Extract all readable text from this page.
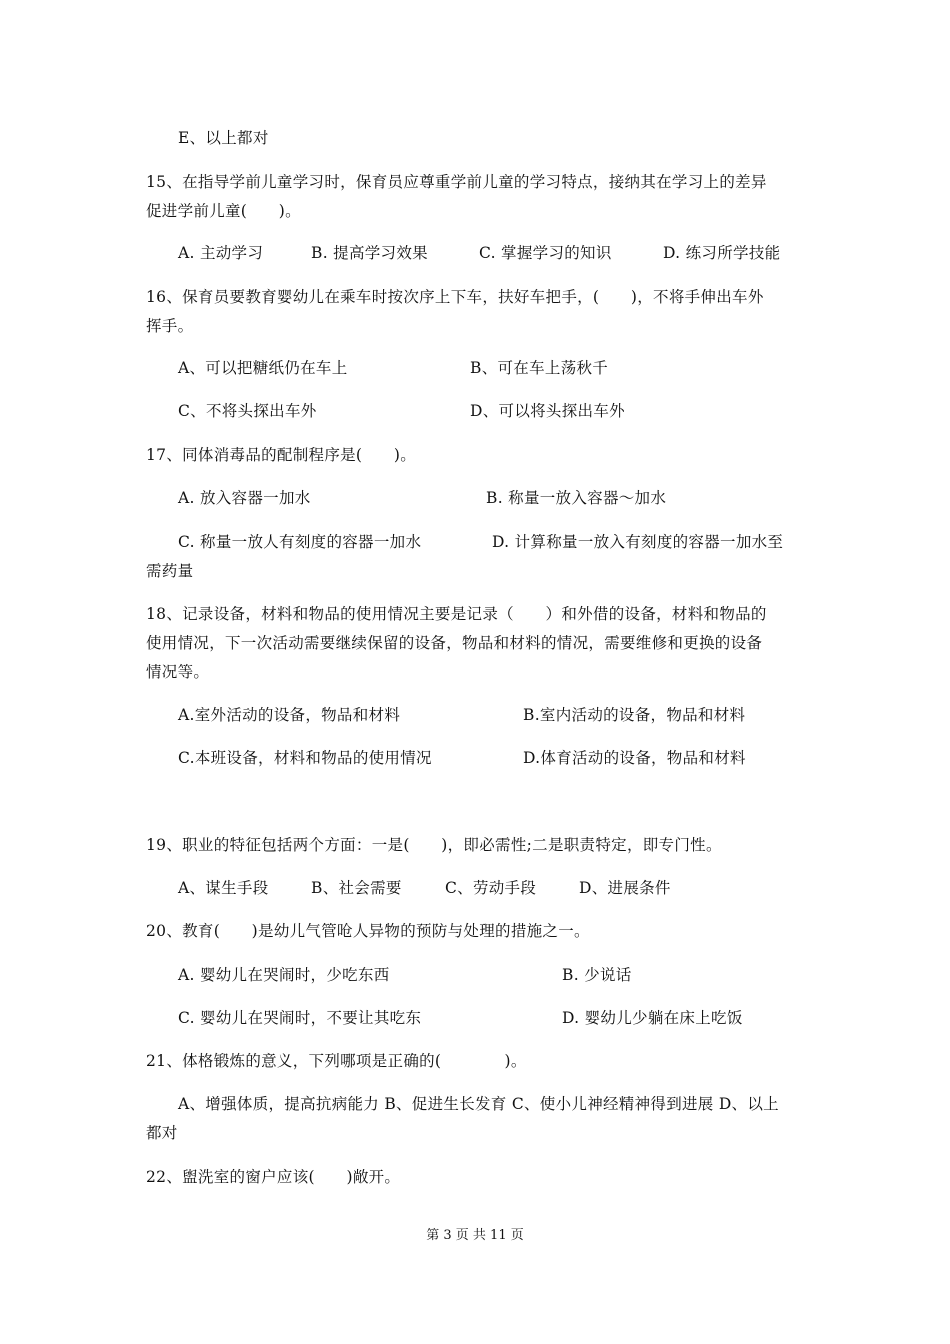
E、以上都对
15、在指导学前儿童学习时，保育员应尊重学前儿童的学习特点，接纳其在学习上的差异
促进学前儿童(　　)。
A. 主动学习	B. 提高学习效果	C. 掌握学习的知识	D. 练习所学技能
16、保育员要教育婴幼儿在乘车时按次序上下车，扶好车把手，(　　)，不将手伸出车外
挥手。
A、可以把糖纸仍在车上	B、可在车上荡秋千
C、不将头探出车外	D、可以将头探出车外
17、同体消毒品的配制程序是(　　)。
A. 放入容器一加水	B. 称量一放入容器～加水
C. 称量一放人有刻度的容器一加水	D. 计算称量一放入有刻度的容器一加水至
需药量
18、记录设备，材料和物品的使用情况主要是记录（　　）和外借的设备，材料和物品的
使用情况，下一次活动需要继续保留的设备，物品和材料的情况，需要维修和更换的设备
情况等。
A.室外活动的设备，物品和材料	B.室内活动的设备，物品和材料
C.本班设备，材料和物品的使用情况	D.体育活动的设备，物品和材料
19、职业的特征包括两个方面：一是(　　)，即必需性;二是职责特定，即专门性。
A、谋生手段	B、社会需要	C、劳动手段	D、进展条件
20、教育(　　)是幼儿气管呛人异物的预防与处理的措施之一。
A. 婴幼儿在哭闹时，少吃东西	B. 少说话
C. 婴幼儿在哭闹时，不要让其吃东	D. 婴幼儿少躺在床上吃饭
21、体格锻炼的意义，下列哪项是正确的(　　　　)。
A、增强体质，提高抗病能力 B、促进生长发育 C、使小儿神经精神得到进展 D、以上
都对
22、盥洗室的窗户应该(　　)敞开。
第 3 页 共 11 页
